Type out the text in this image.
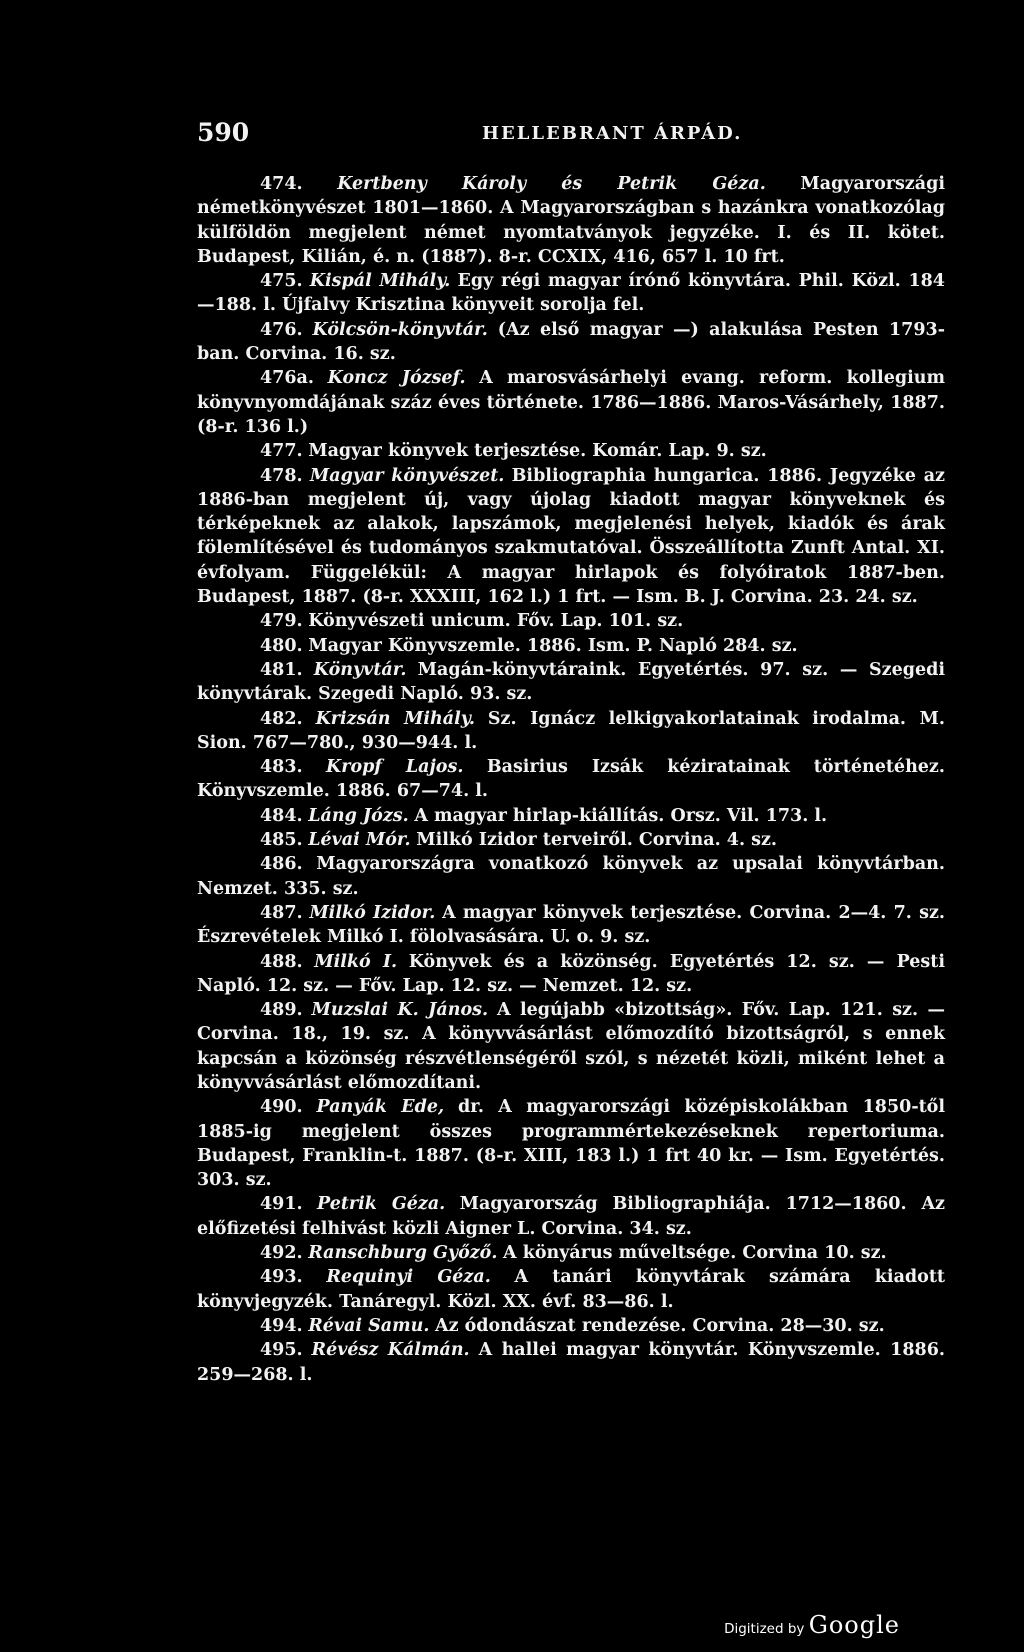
590	HELLEBRANT ÁRPÁD.

474. Kertbeny Károly és Petrik Géza. Magyarországi németkönyvészet 1801—1860. A Magyarországban s hazánkra vonatkozólag külföldön megjelent német nyomtatványok jegyzéke. I. és II. kötet. Budapest, Kilián, é. n. (1887). 8-r. CCXIX, 416, 657 l. 10 frt.

475. Kispál Mihály. Egy régi magyar írónő könyvtára. Phil. Közl. 184—188. l. Újfalvy Krisztina könyveit sorolja fel.

476. Kölcsön-könyvtár. (Az első magyar —) alakulása Pesten 1793-ban. Corvina. 16. sz.

476a. Koncz József. A marosvásárhelyi evang. reform. kollegium könyvnyomdájának száz éves története. 1786—1886. Maros-Vásárhely, 1887. (8-r. 136 l.)

477. Magyar könyvek terjesztése. Komár. Lap. 9. sz.

478. Magyar könyvészet. Bibliographia hungarica. 1886. Jegyzéke az 1886-ban megjelent új, vagy újolag kiadott magyar könyveknek és térképeknek az alakok, lapszámok, megjelenési helyek, kiadók és árak fölemlítésével és tudományos szakmutatóval. Összeállította Zunft Antal. XI. évfolyam. Függelékül: A magyar hirlapok és folyóiratok 1887-ben. Budapest, 1887. (8-r. XXXIII, 162 l.) 1 frt. — Ism. B. J. Corvina. 23. 24. sz.

479. Könyvészeti unicum. Főv. Lap. 101. sz.

480. Magyar Könyvszemle. 1886. Ism. P. Napló 284. sz.

481. Könyvtár. Magán-könyvtáraink. Egyetértés. 97. sz. — Szegedi könyvtárak. Szegedi Napló. 93. sz.

482. Krizsán Mihály. Sz. Ignácz lelkigyakorlatainak irodalma. M. Sion. 767—780., 930—944. l.

483. Kropf Lajos. Basirius Izsák kéziratainak történetéhez. Könyvszemle. 1886. 67—74. l.

484. Láng Józs. A magyar hirlap-kiállítás. Orsz. Vil. 173. l.

485. Lévai Mór. Milkó Izidor terveiről. Corvina. 4. sz.

486. Magyarországra vonatkozó könyvek az upsalai könyvtárban. Nemzet. 335. sz.

487. Milkó Izidor. A magyar könyvek terjesztése. Corvina. 2—4. 7. sz. Észrevételek Milkó I. fölolvasására. U. o. 9. sz.

488. Milkó I. Könyvek és a közönség. Egyetértés 12. sz. — Pesti Napló. 12. sz. — Főv. Lap. 12. sz. — Nemzet. 12. sz.

489. Muzslai K. János. A legújabb «bizottság». Főv. Lap. 121. sz. — Corvina. 18., 19. sz. A könyvvásárlást előmozdító bizottságról, s ennek kapcsán a közönség részvétlenségéről szól, s nézetét közli, miként lehet a könyvvásárlást előmozdítani.

490. Panyák Ede, dr. A magyarországi középiskolákban 1850-től 1885-ig megjelent összes programmértekezéseknek repertoriuma. Budapest, Franklin-t. 1887. (8-r. XIII, 183 l.) 1 frt 40 kr. — Ism. Egyetértés. 303. sz.

491. Petrik Géza. Magyarország Bibliographiája. 1712—1860. Az előfizetési felhivást közli Aigner L. Corvina. 34. sz.

492. Ranschburg Győző. A könyárus műveltsége. Corvina 10. sz.

493. Requinyi Géza. A tanári könyvtárak számára kiadott könyvjegyzék. Tanáregyl. Közl. XX. évf. 83—86. l.

494. Révai Samu. Az ódondászat rendezése. Corvina. 28—30. sz.

495. Révész Kálmán. A hallei magyar könyvtár. Könyvszemle. 1886. 259—268. l.

Digitized by Google
